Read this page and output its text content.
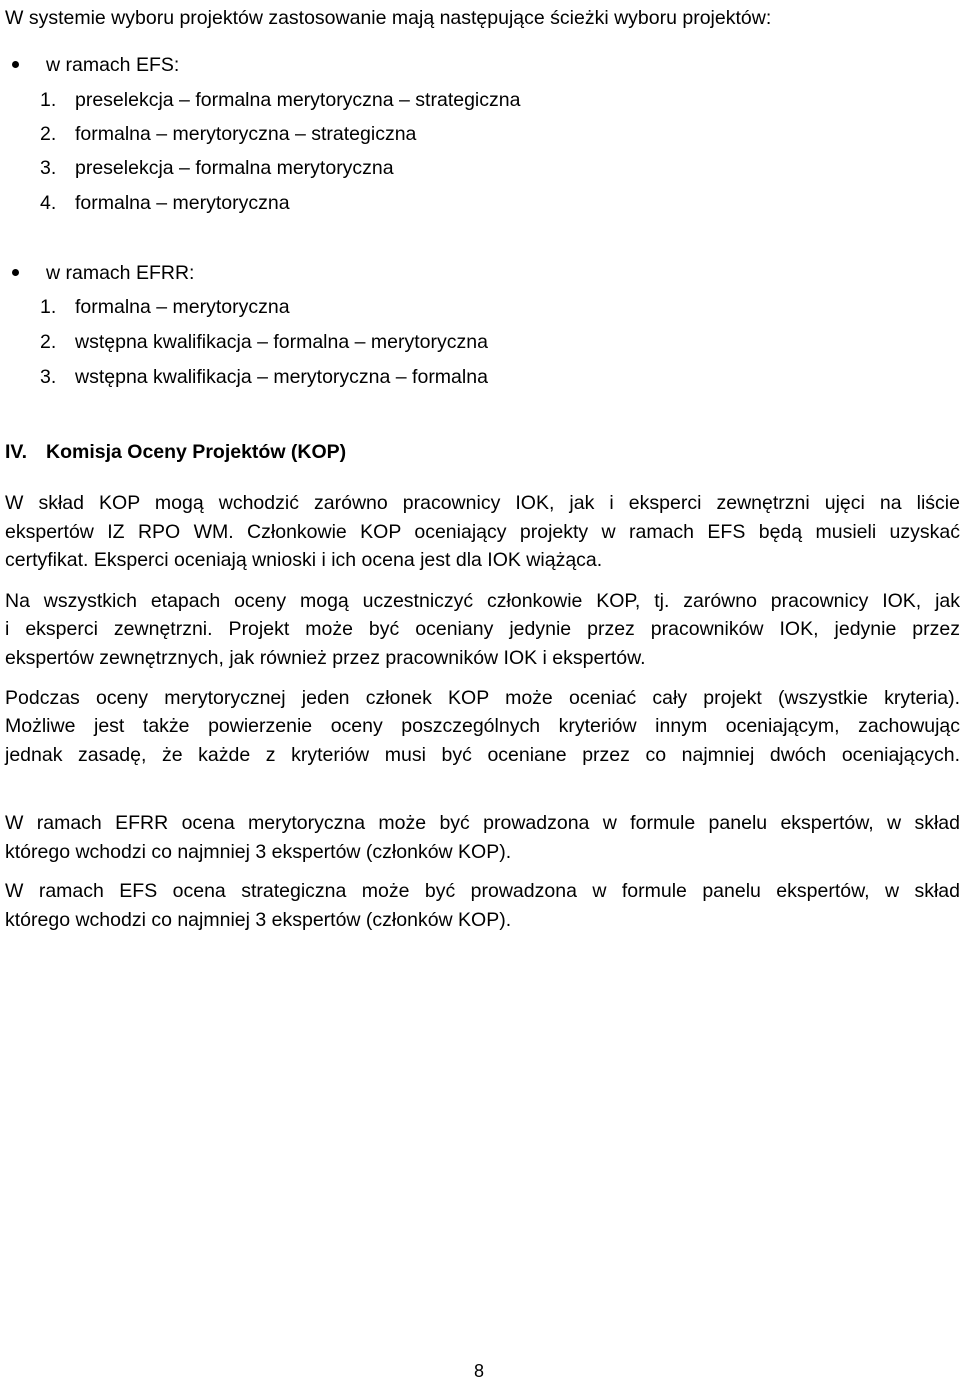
W systemie wyboru projektów zastosowanie mają następujące ścieżki wyboru projektów:
w ramach EFS:
1. preselekcja – formalna merytoryczna – strategiczna
2. formalna – merytoryczna – strategiczna
3. preselekcja – formalna merytoryczna
4. formalna – merytoryczna
w ramach EFRR:
1. formalna – merytoryczna
2. wstępna kwalifikacja – formalna – merytoryczna
3. wstępna kwalifikacja – merytoryczna – formalna
IV. Komisja Oceny Projektów (KOP)
W skład KOP mogą wchodzić zarówno pracownicy IOK, jak i eksperci zewnętrzni ujęci na liście
ekspertów IZ RPO WM. Członkowie KOP oceniający projekty w ramach EFS będą musieli uzyskać
certyfikat. Eksperci oceniają wnioski i ich ocena jest dla IOK wiążąca.
Na wszystkich etapach oceny mogą uczestniczyć członkowie KOP, tj. zarówno pracownicy IOK, jak
i eksperci zewnętrzni. Projekt może być oceniany jedynie przez pracowników IOK, jedynie przez
ekspertów zewnętrznych, jak również przez pracowników IOK i ekspertów.
Podczas oceny merytorycznej jeden członek KOP może oceniać cały projekt (wszystkie kryteria).
Możliwe jest także powierzenie oceny poszczególnych kryteriów innym oceniającym, zachowując
jednak zasadę, że każde z kryteriów musi być oceniane przez co najmniej dwóch oceniających.
W ramach EFRR ocena merytoryczna może być prowadzona w formule panelu ekspertów, w skład
którego wchodzi co najmniej 3 ekspertów (członków KOP).
W ramach EFS ocena strategiczna może być prowadzona w formule panelu ekspertów, w skład
którego wchodzi co najmniej 3 ekspertów (członków KOP).
8
